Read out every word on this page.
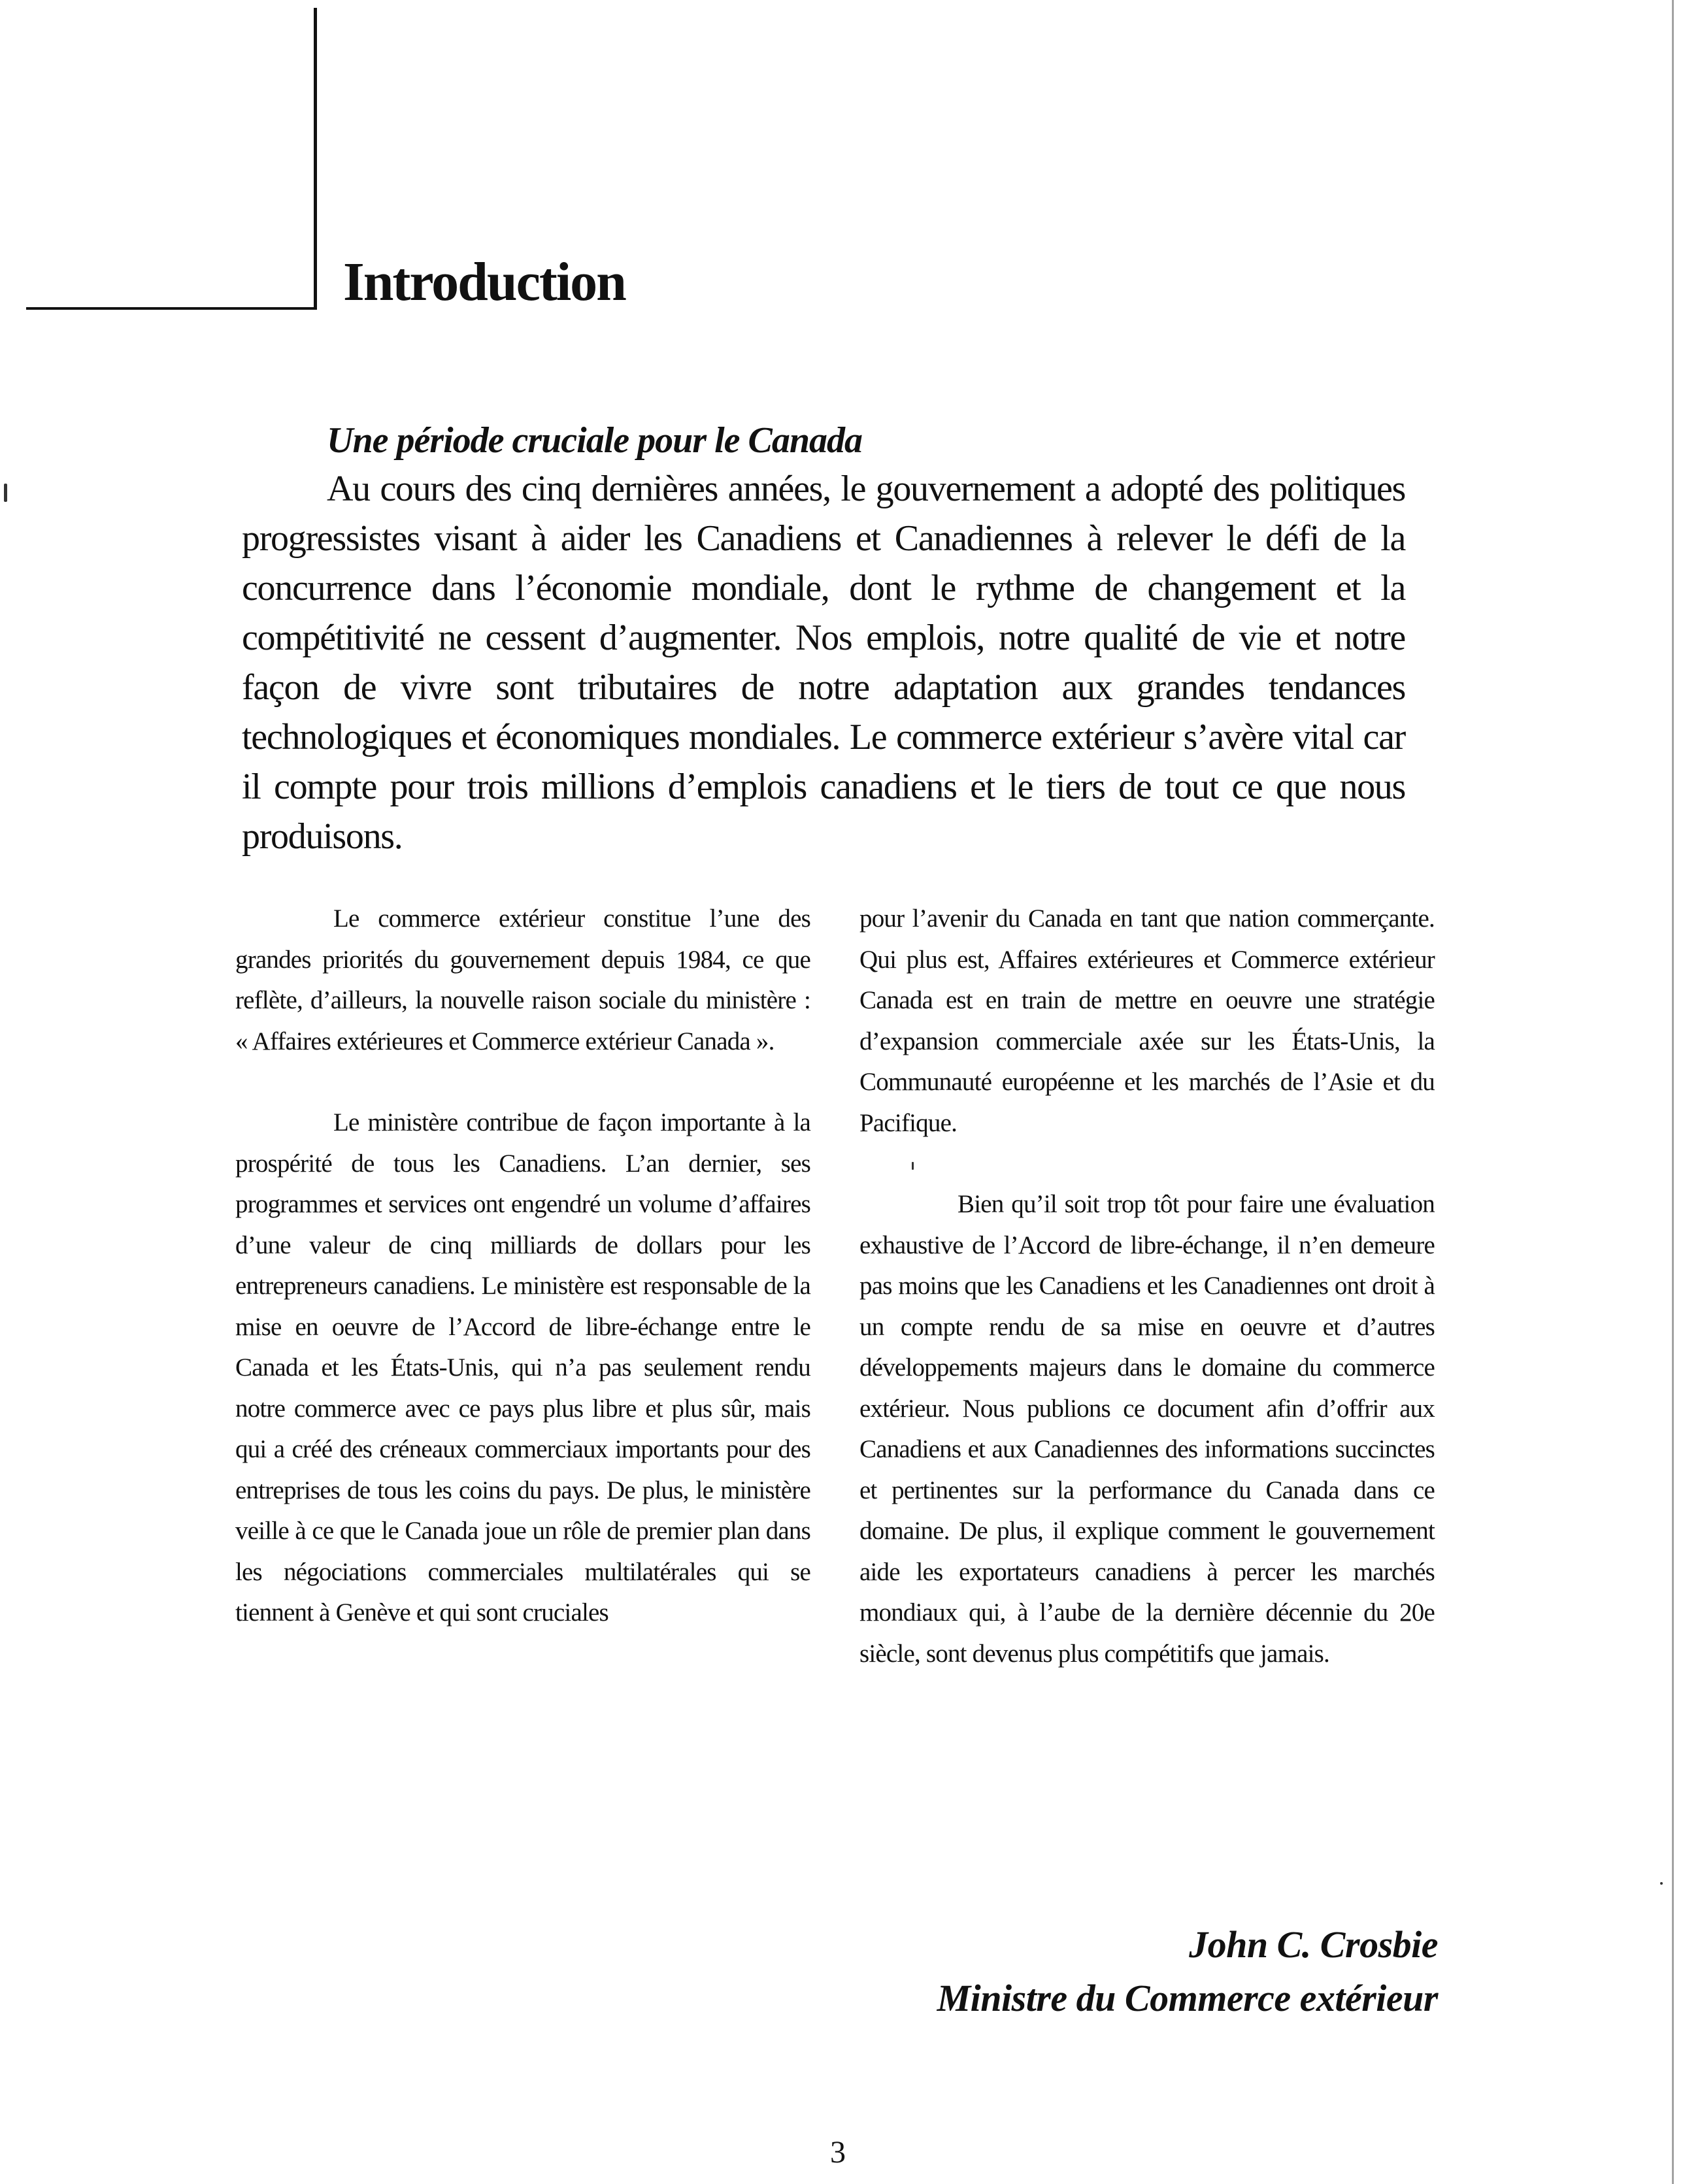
Introduction
Une période cruciale pour le Canada

Au cours des cinq dernières années, le gouvernement a adopté des politiques progressistes visant à aider les Canadiens et Canadiennes à relever le défi de la concurrence dans l’économie mondiale, dont le rythme de changement et la compétitivité ne cessent d’augmenter. Nos emplois, notre qualité de vie et notre façon de vivre sont tributaires de notre adaptation aux grandes tendances technologiques et économiques mondiales. Le commerce extérieur s’avère vital car il compte pour trois millions d’emplois canadiens et le tiers de tout ce que nous produisons.

Le commerce extérieur constitue l’une des grandes priorités du gouvernement depuis 1984, ce que reflète, d’ailleurs, la nouvelle raison sociale du ministère : « Affaires extérieures et Commerce extérieur Canada ».

Le ministère contribue de façon importante à la prospérité de tous les Canadiens. L’an dernier, ses programmes et services ont engendré un volume d’affaires d’une valeur de cinq milliards de dollars pour les entrepreneurs canadiens. Le ministère est responsable de la mise en oeuvre de l’Accord de libre-échange entre le Canada et les États-Unis, qui n’a pas seulement rendu notre commerce avec ce pays plus libre et plus sûr, mais qui a créé des créneaux commerciaux importants pour des entreprises de tous les coins du pays. De plus, le ministère veille à ce que le Canada joue un rôle de premier plan dans les négociations commerciales multilatérales qui se tiennent à Genève et qui sont cruciales

pour l’avenir du Canada en tant que nation commerçante. Qui plus est, Affaires extérieures et Commerce extérieur Canada est en train de mettre en oeuvre une stratégie d’expansion commerciale axée sur les États-Unis, la Communauté européenne et les marchés de l’Asie et du Pacifique.

Bien qu’il soit trop tôt pour faire une évaluation exhaustive de l’Accord de libre-échange, il n’en demeure pas moins que les Canadiens et les Canadiennes ont droit à un compte rendu de sa mise en oeuvre et d’autres développements majeurs dans le domaine du commerce extérieur. Nous publions ce document afin d’offrir aux Canadiens et aux Canadiennes des informations succinctes et pertinentes sur la performance du Canada dans ce domaine. De plus, il explique comment le gouvernement aide les exportateurs canadiens à percer les marchés mondiaux qui, à l’aube de la dernière décennie du 20e siècle, sont devenus plus compétitifs que jamais.

John C. Crosbie
Ministre du Commerce extérieur
3
